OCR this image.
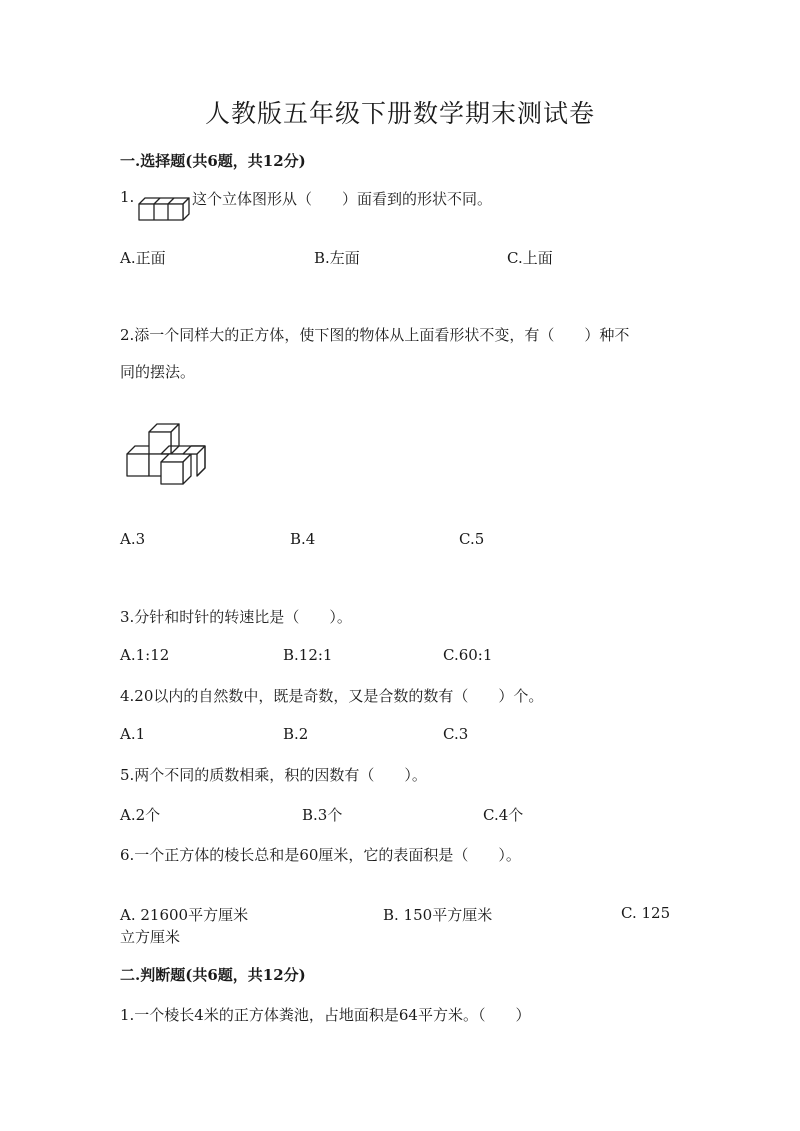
人教版五年级下册数学期末测试卷
一.选择题(共6题，共12分)
1.	这个立体图形从（　　）面看到的形状不同。
A.正面	B.左面	C.上面
2.添一个同样大的正方体，使下图的物体从上面看形状不变，有（　　）种不
同的摆法。
A.3	B.4	C.5
3.分针和时针的转速比是（　　）。
A.1:12	B.12:1	C.60:1
4.20以内的自然数中，既是奇数，又是合数的数有（　　）个。
A.1	B.2	C.3
5.两个不同的质数相乘，积的因数有（　　）。
A.2个	B.3个	C.4个
6.一个正方体的棱长总和是60厘米，它的表面积是（　　）。
A. 21600平方厘米	B. 150平方厘米	C. 125
立方厘米
二.判断题(共6题，共12分)
1.一个棱长4米的正方体粪池，占地面积是64平方米。（　　）
